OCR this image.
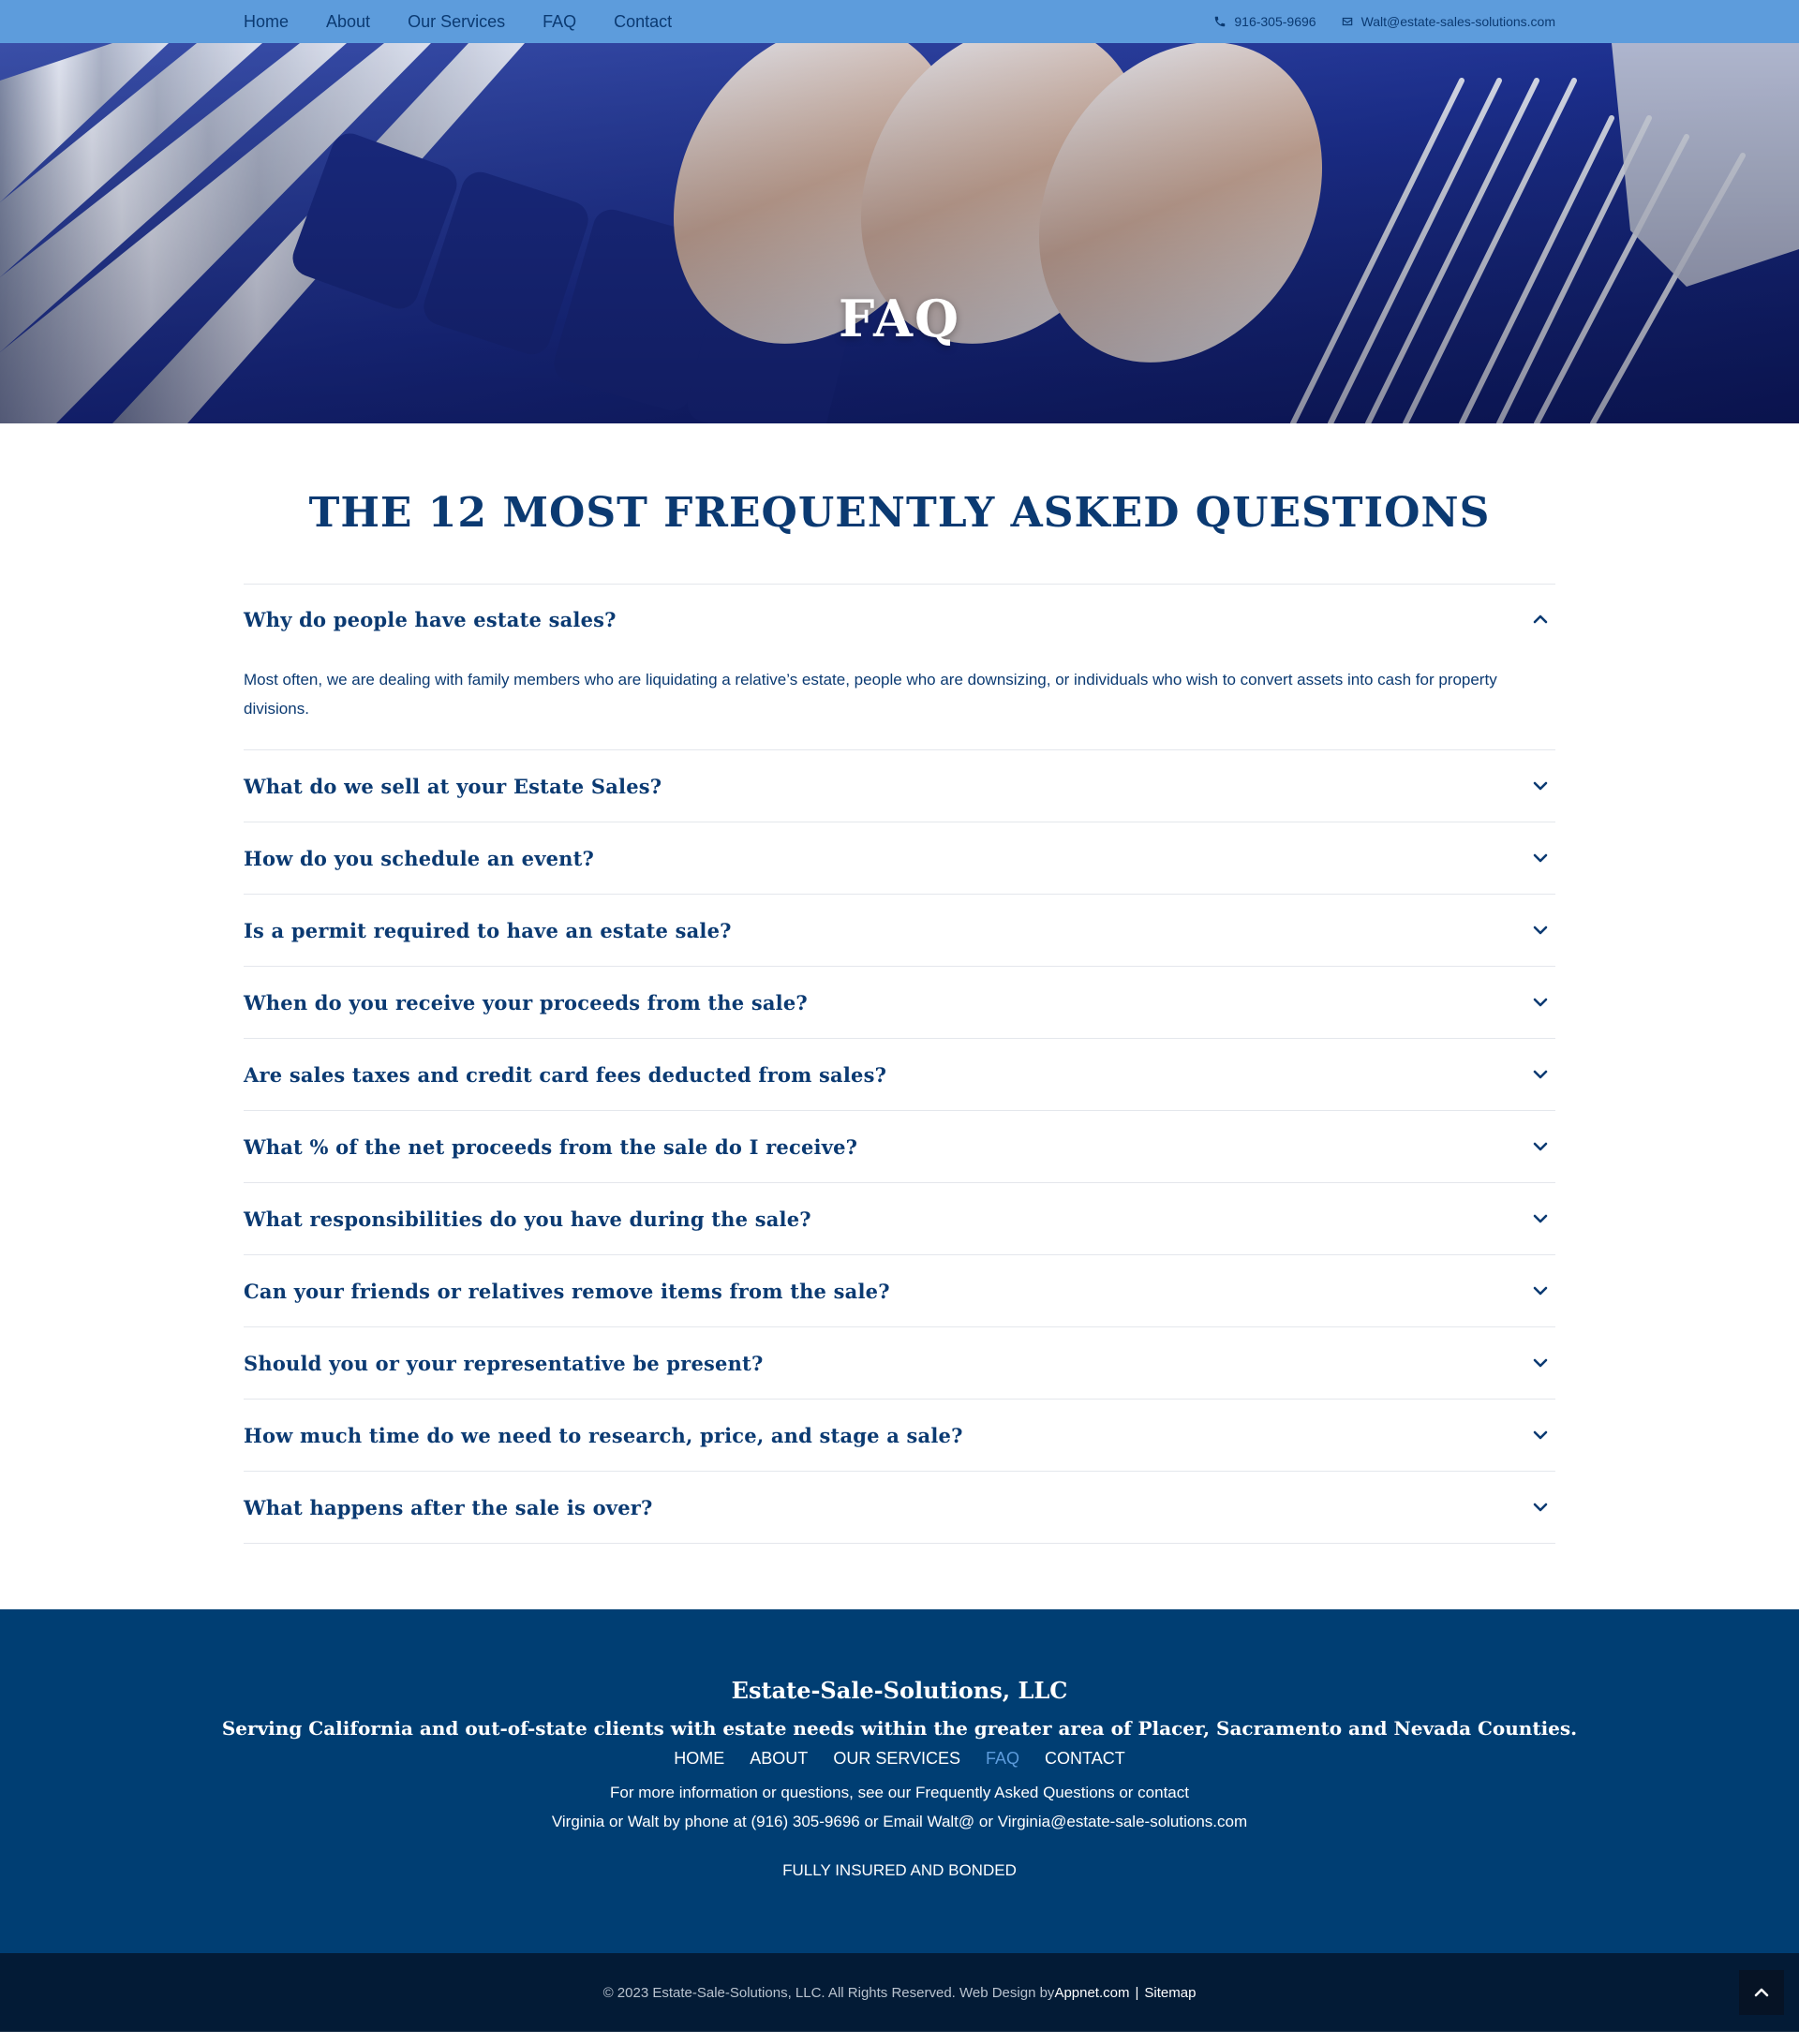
Home About Our Services FAQ Contact	916-305-9696	Walt@estate-sales-solutions.com
FAQ
THE 12 MOST FREQUENTLY ASKED QUESTIONS
Why do people have estate sales?

Most often, we are dealing with family members who are liquidating a relative’s estate, people who are downsizing, or individuals who wish to convert assets into cash for property divisions.

What do we sell at your Estate Sales?
How do you schedule an event?
Is a permit required to have an estate sale?
When do you receive your proceeds from the sale?
Are sales taxes and credit card fees deducted from sales?
What % of the net proceeds from the sale do I receive?
What responsibilities do you have during the sale?
Can your friends or relatives remove items from the sale?
Should you or your representative be present?
How much time do we need to research, price, and stage a sale?
What happens after the sale is over?
Estate-Sale-Solutions, LLC
Serving California and out-of-state clients with estate needs within the greater area of Placer, Sacramento and Nevada Counties.
HOME ABOUT OUR SERVICES FAQ CONTACT
For more information or questions, see our Frequently Asked Questions or contact
Virginia or Walt by phone at (916) 305-9696 or Email Walt@ or Virginia@estate-sale-solutions.com
FULLY INSURED AND BONDED
© 2023 Estate-Sale-Solutions, LLC. All Rights Reserved. Web Design by Appnet.com | Sitemap
